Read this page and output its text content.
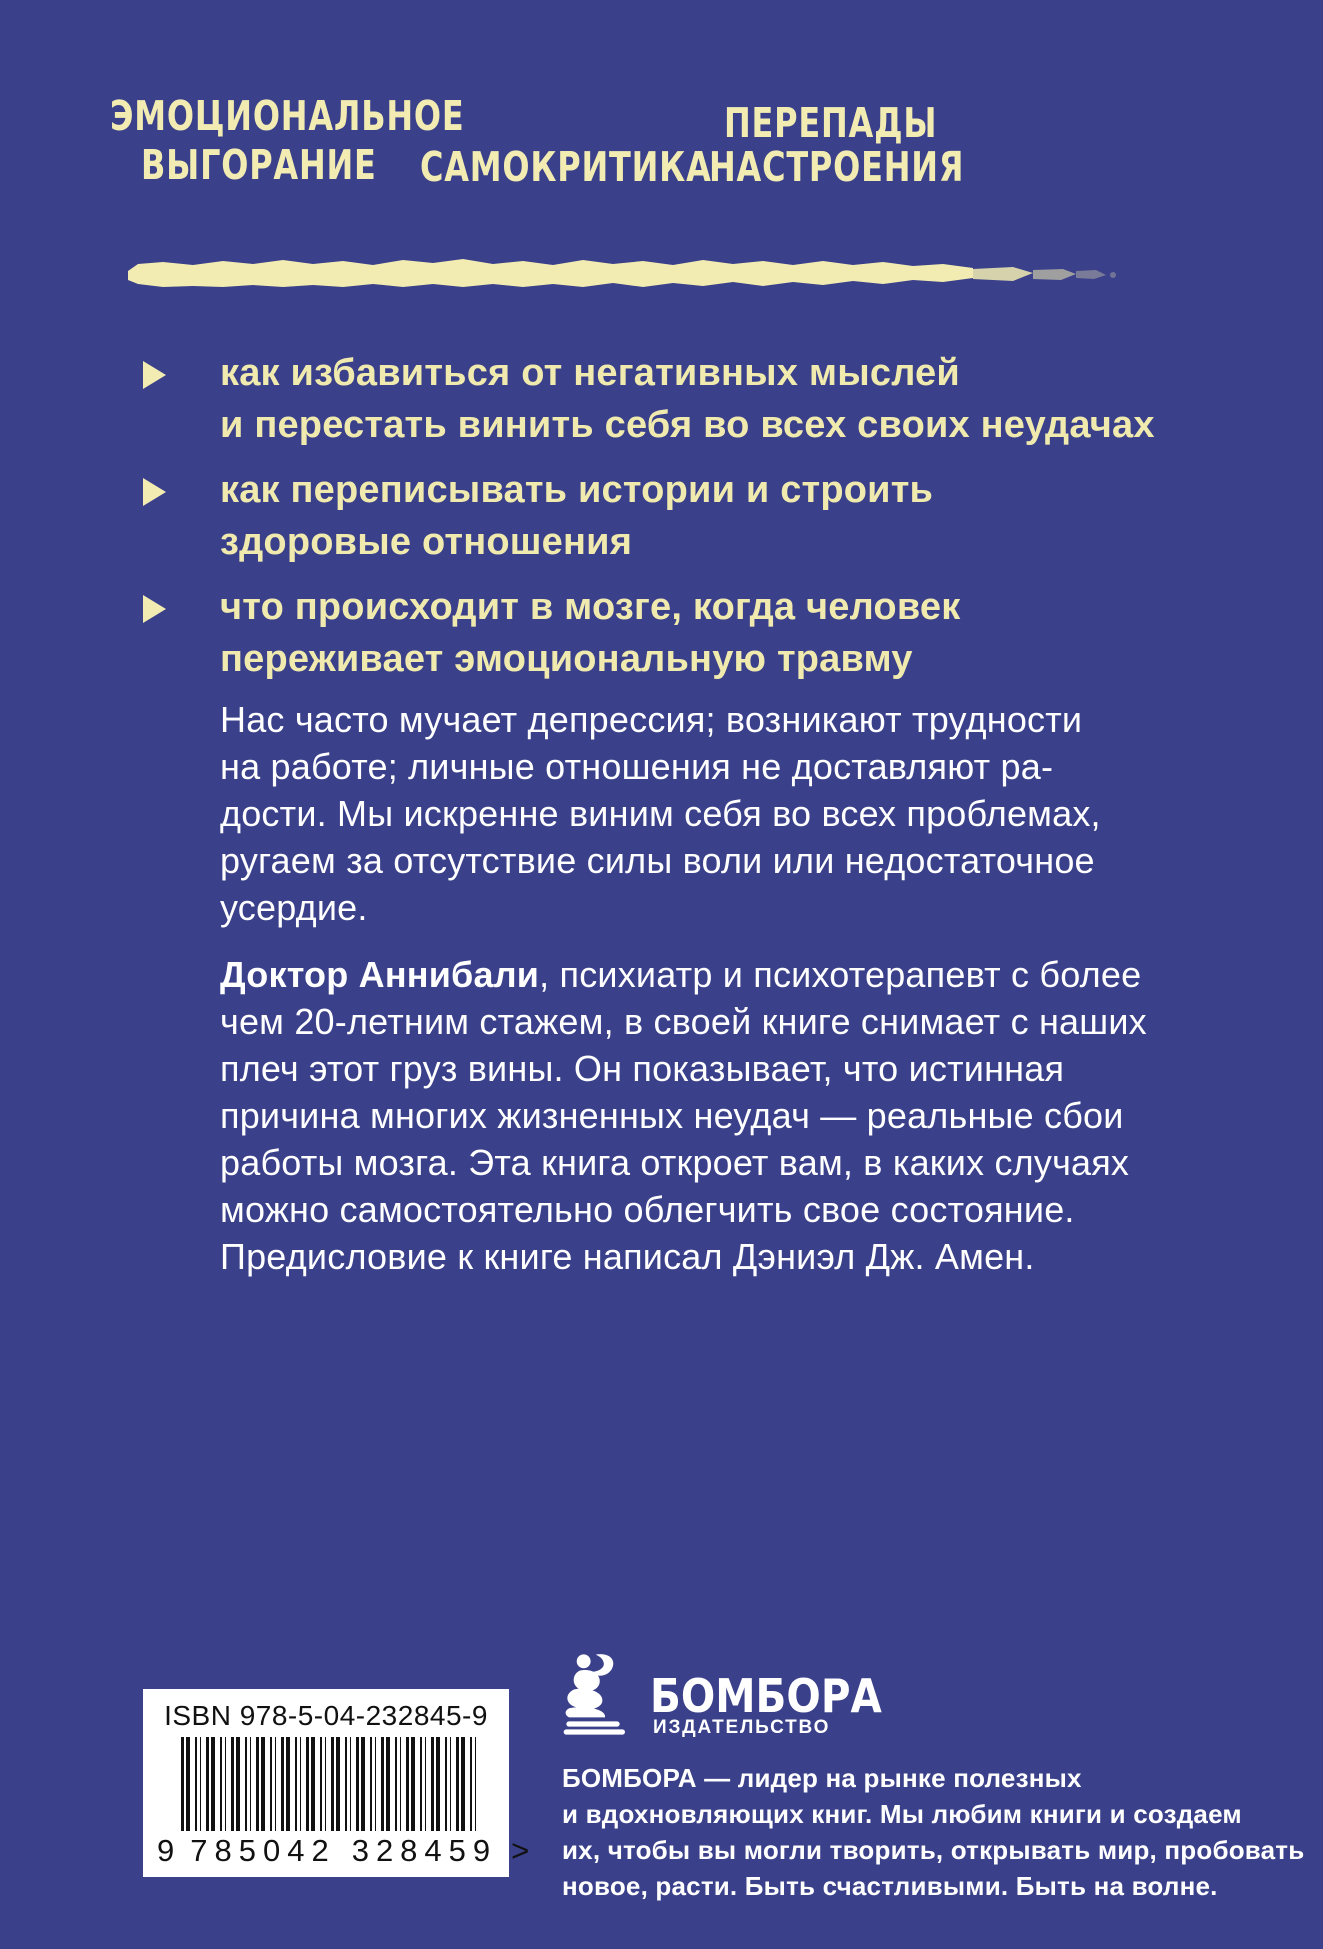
ЭМОЦИОНАЛЬНОЕ
ВЫГОРАНИЕ САМОКРИТИКА
ПЕРЕПАДЫ
НАСТРОЕНИЯ
как избавиться от негативных мыслей
и перестать винить себя во всех своих неудачах
как переписывать истории и строить
здоровые отношения
что происходит в мозге, когда человек
переживает эмоциональную травму
Нас часто мучает депрессия; возникают трудности
на работе; личные отношения не доставляют ра-
дости. Мы искренне виним себя во всех проблемах,
ругаем за отсутствие силы воли или недостаточное
усердие.
Доктор Аннибали, психиатр и психотерапевт с более
чем 20-летним стажем, в своей книге снимает с наших
плеч этот груз вины. Он показывает, что истинная
причина многих жизненных неудач — реальные сбои
работы мозга. Эта книга откроет вам, в каких случаях
можно самостоятельно облегчить свое состояние.
Предисловие к книге написал Дэниэл Дж. Амен.
ISBN 978-5-04-232845-9
9 785042 328459 >
БОМБОРА
ИЗДАТЕЛЬСТВО
БОМБОРА — лидер на рынке полезных
и вдохновляющих книг. Мы любим книги и создаем
их, чтобы вы могли творить, открывать мир, пробовать
новое, расти. Быть счастливыми. Быть на волне.
